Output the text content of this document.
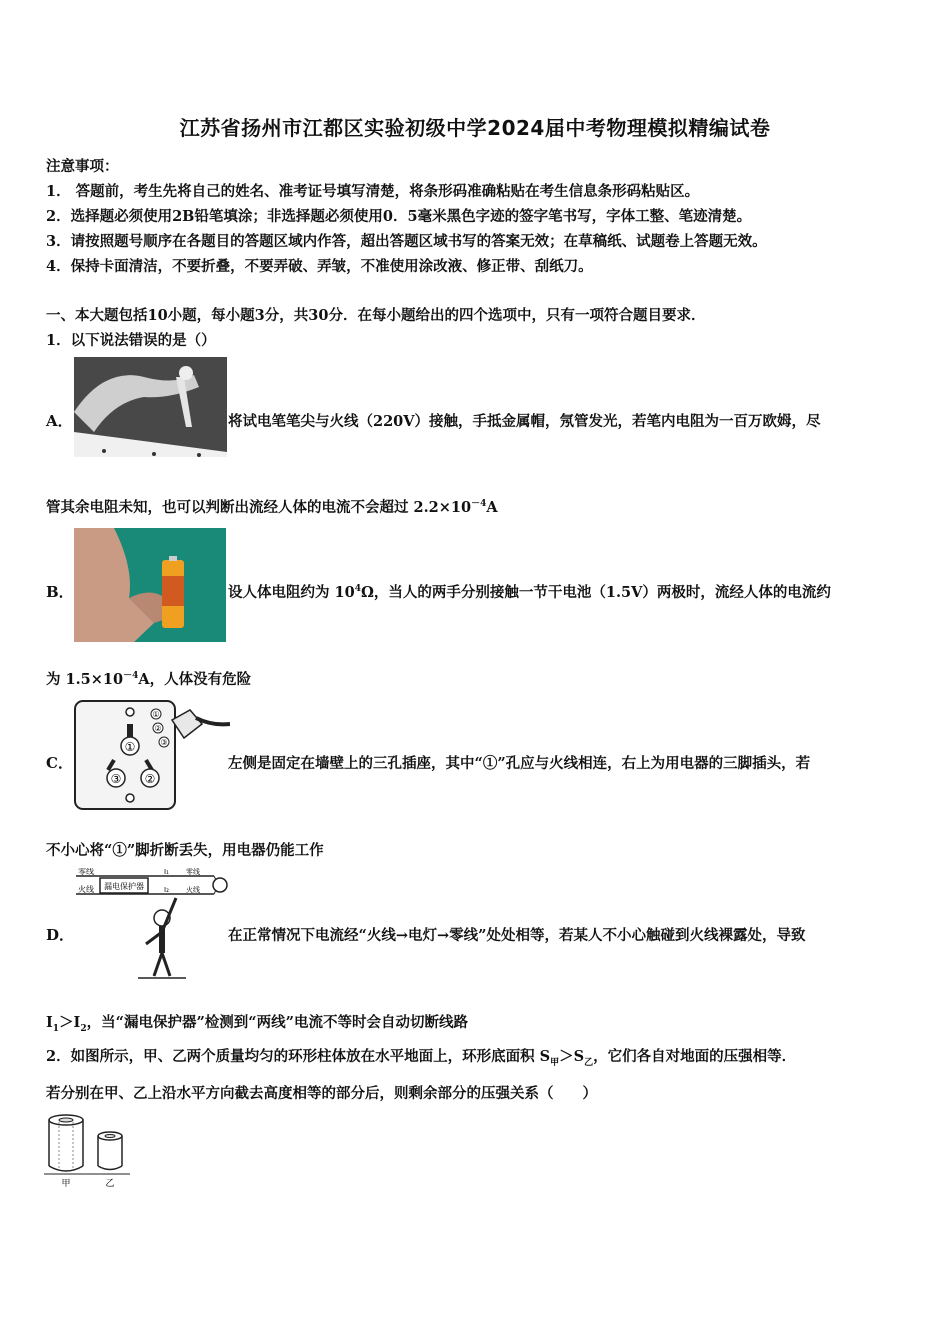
江苏省扬州市江都区实验初级中学2024届中考物理模拟精编试卷
注意事项：
1． 答题前，考生先将自己的姓名、准考证号填写清楚，将条形码准确粘贴在考生信息条形码粘贴区。
2．选择题必须使用2B铅笔填涂；非选择题必须使用0．5毫米黑色字迹的签字笔书写，字体工整、笔迹清楚。
3．请按照题号顺序在各题目的答题区域内作答，超出答题区域书写的答案无效；在草稿纸、试题卷上答题无效。
4．保持卡面清洁，不要折叠，不要弄破、弄皱，不准使用涂改液、修正带、刮纸刀。
一、本大题包括10小题，每小题3分，共30分．在每小题给出的四个选项中，只有一项符合题目要求．
1．以下说法错误的是（）
A．	将试电笔笔尖与火线（220V）接触，手抵金属帽，氖管发光，若笔内电阻为一百万欧姆，尽
管其余电阻未知，也可以判断出流经人体的电流不会超过 $2.2\times 10^{-4}A$
B．	设人体电阻约为 $10^4\Omega$，当人的两手分别接触一节干电池（1.5V）两极时，流经人体的电流约
为 $1.5\times 10^{-4}A$，人体没有危险
C．
①
②
③
①
②
③
左侧是固定在墙壁上的三孔插座，其中“①”孔应与火线相连，右上为用电器的三脚插头，若
不小心将“①”脚折断丢失，用电器仍能工作
D．
零线
火线 漏电保护器
I₁
I₂
零线
火线
在正常情况下电流经“火线→电灯→零线”处处相等，若某人不小心触碰到火线裸露处，导致
$I_1>I_2$，当“漏电保护器”检测到“两线”电流不等时会自动切断线路
2．如图所示，甲、乙两个质量均匀的环形柱体放在水平地面上，环形底面积 $S_甲>S_乙$，它们各自对地面的压强相等．
若分别在甲、乙上沿水平方向截去高度相等的部分后，则剩余部分的压强关系（　　）
甲	乙
